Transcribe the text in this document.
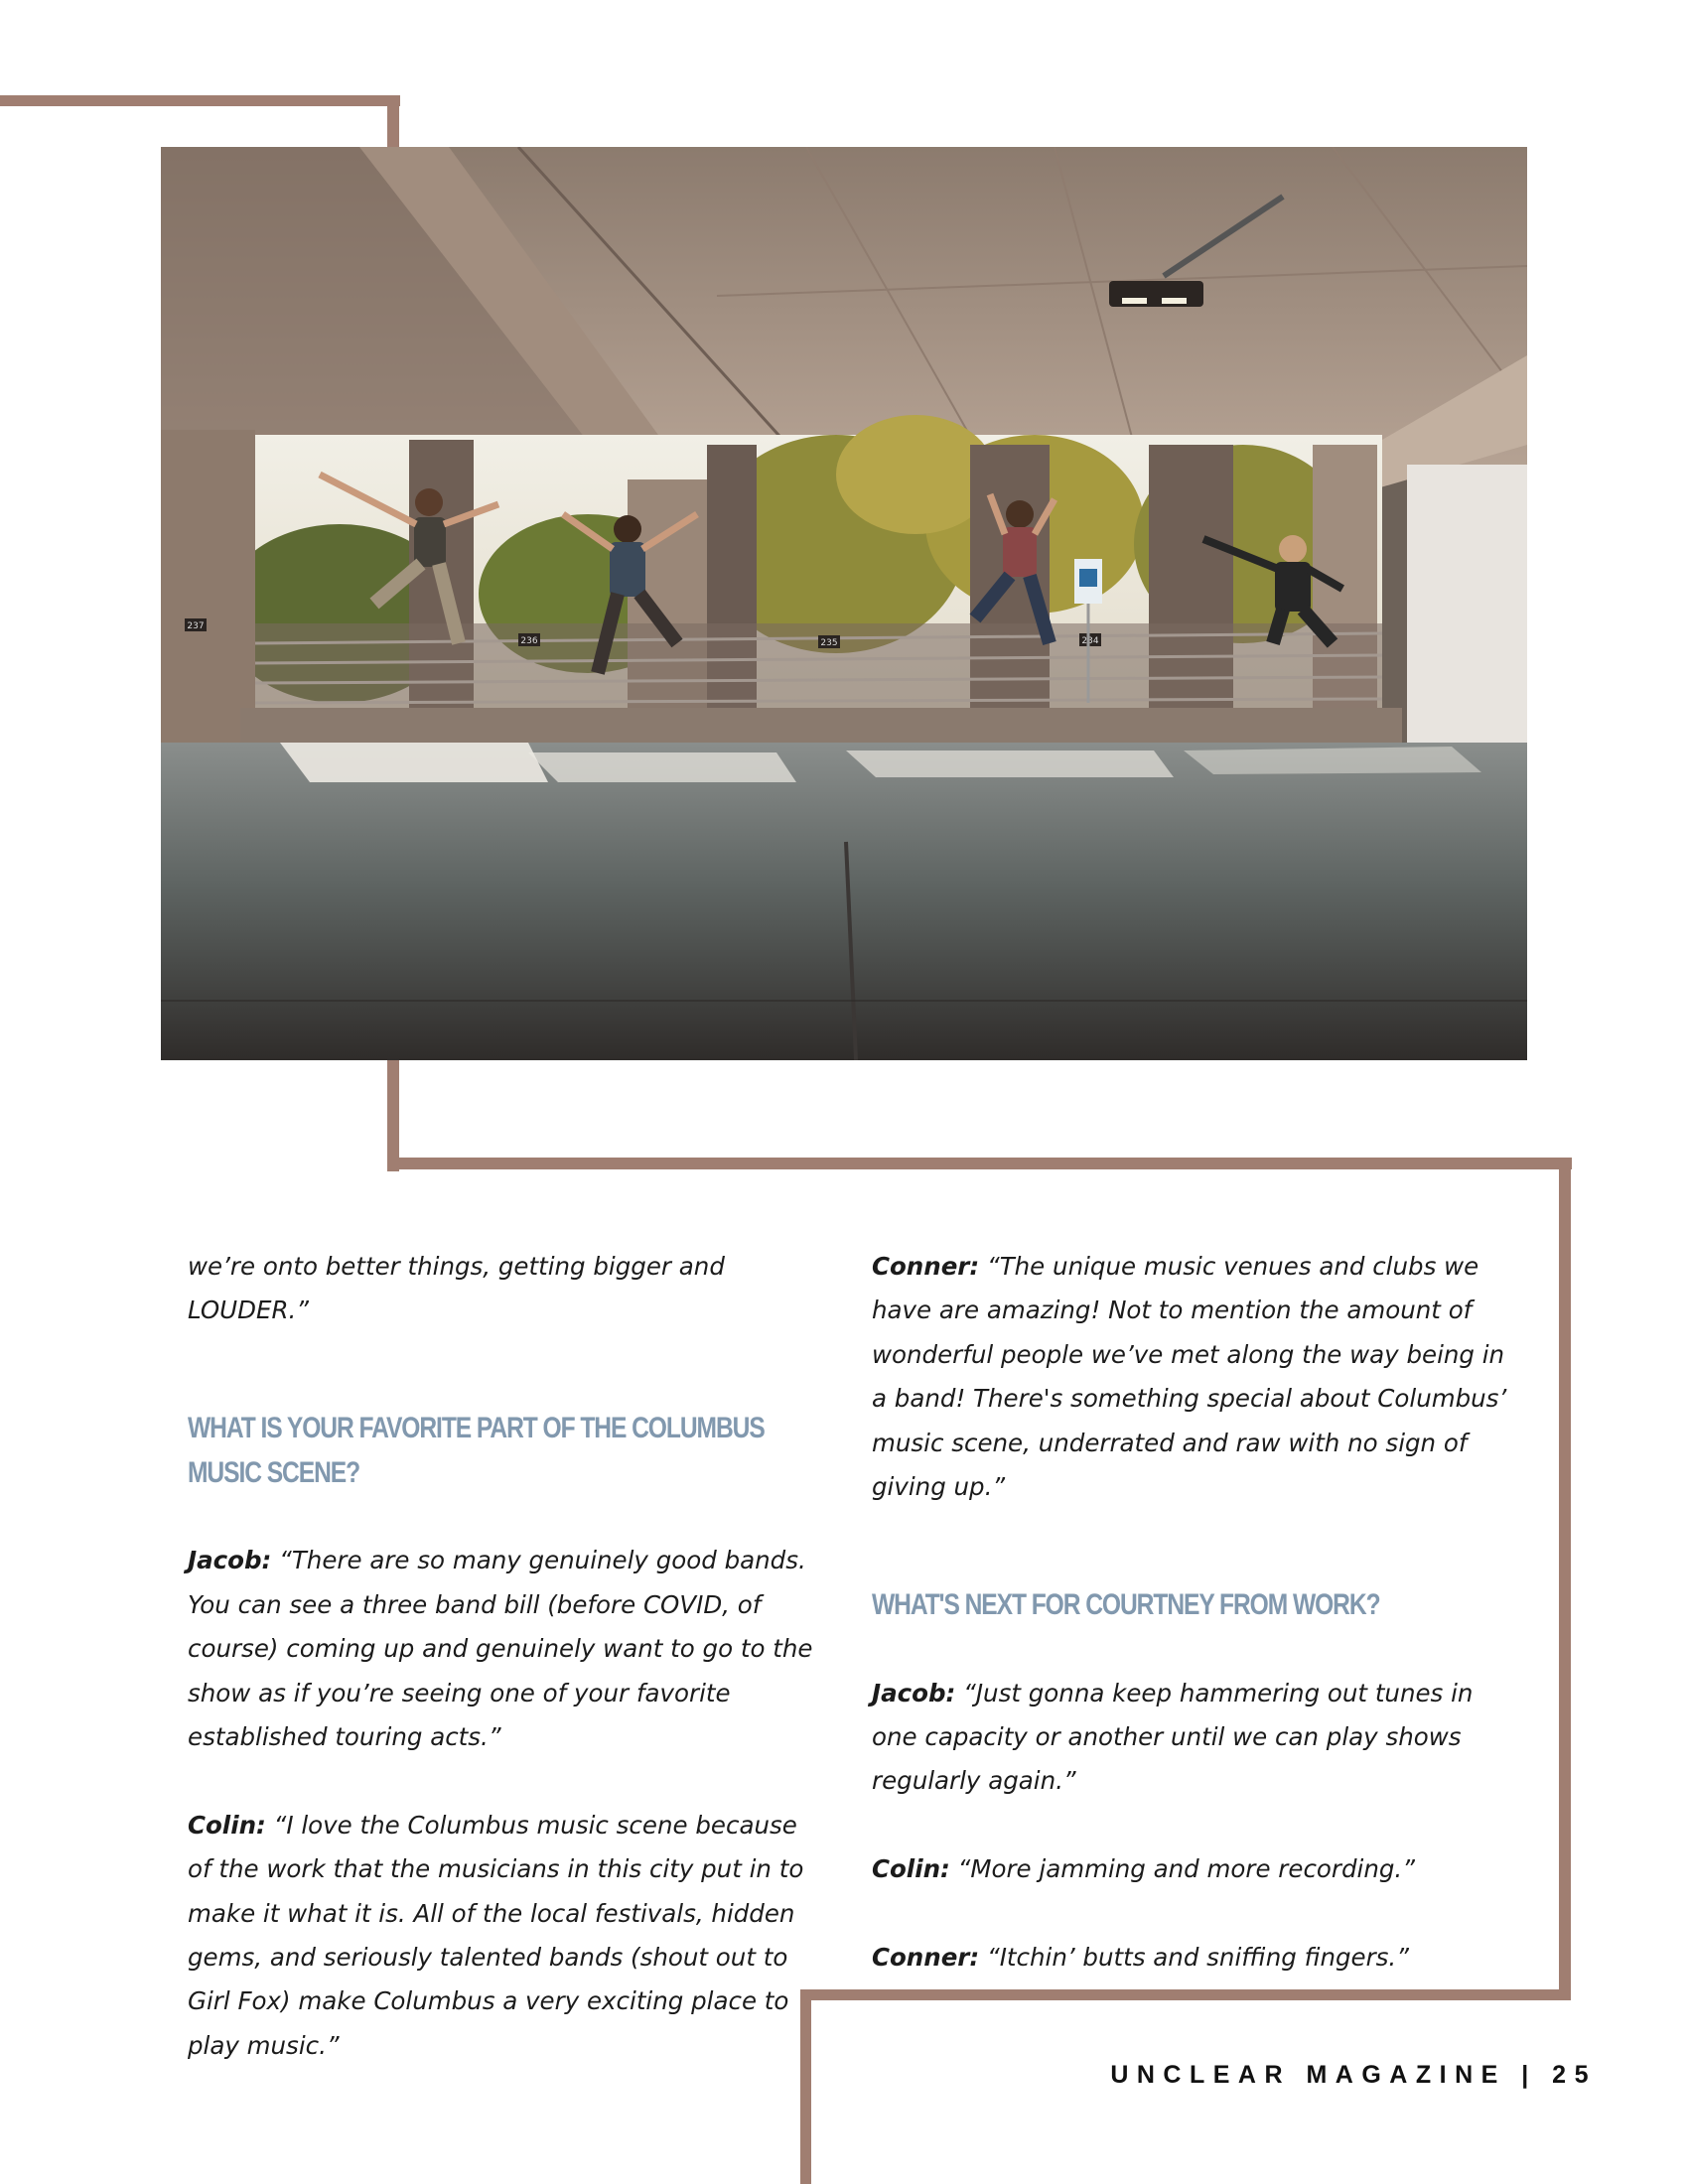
237
236	235	234

we’re onto better things, getting bigger and LOUDER.”

WHAT IS YOUR FAVORITE PART OF THE COLUMBUS MUSIC SCENE?

Jacob: “There are so many genuinely good bands. You can see a three band bill (before COVID, of course) coming up and genuinely want to go to the show as if you’re seeing one of your favorite established touring acts.”

Colin: “I love the Columbus music scene because of the work that the musicians in this city put in to make it what it is. All of the local festivals, hidden gems, and seriously talented bands (shout out to Girl Fox) make Columbus a very exciting place to play music.”

Conner: “The unique music venues and clubs we have are amazing! Not to mention the amount of wonderful people we’ve met along the way being in a band! There's something special about Columbus’ music scene, underrated and raw with no sign of giving up.”

WHAT'S NEXT FOR COURTNEY FROM WORK?

Jacob: “Just gonna keep hammering out tunes in one capacity or another until we can play shows regularly again.”

Colin: “More jamming and more recording.”

Conner: “Itchin’ butts and sniffing fingers.”

UNCLEAR MAGAZINE | 25
